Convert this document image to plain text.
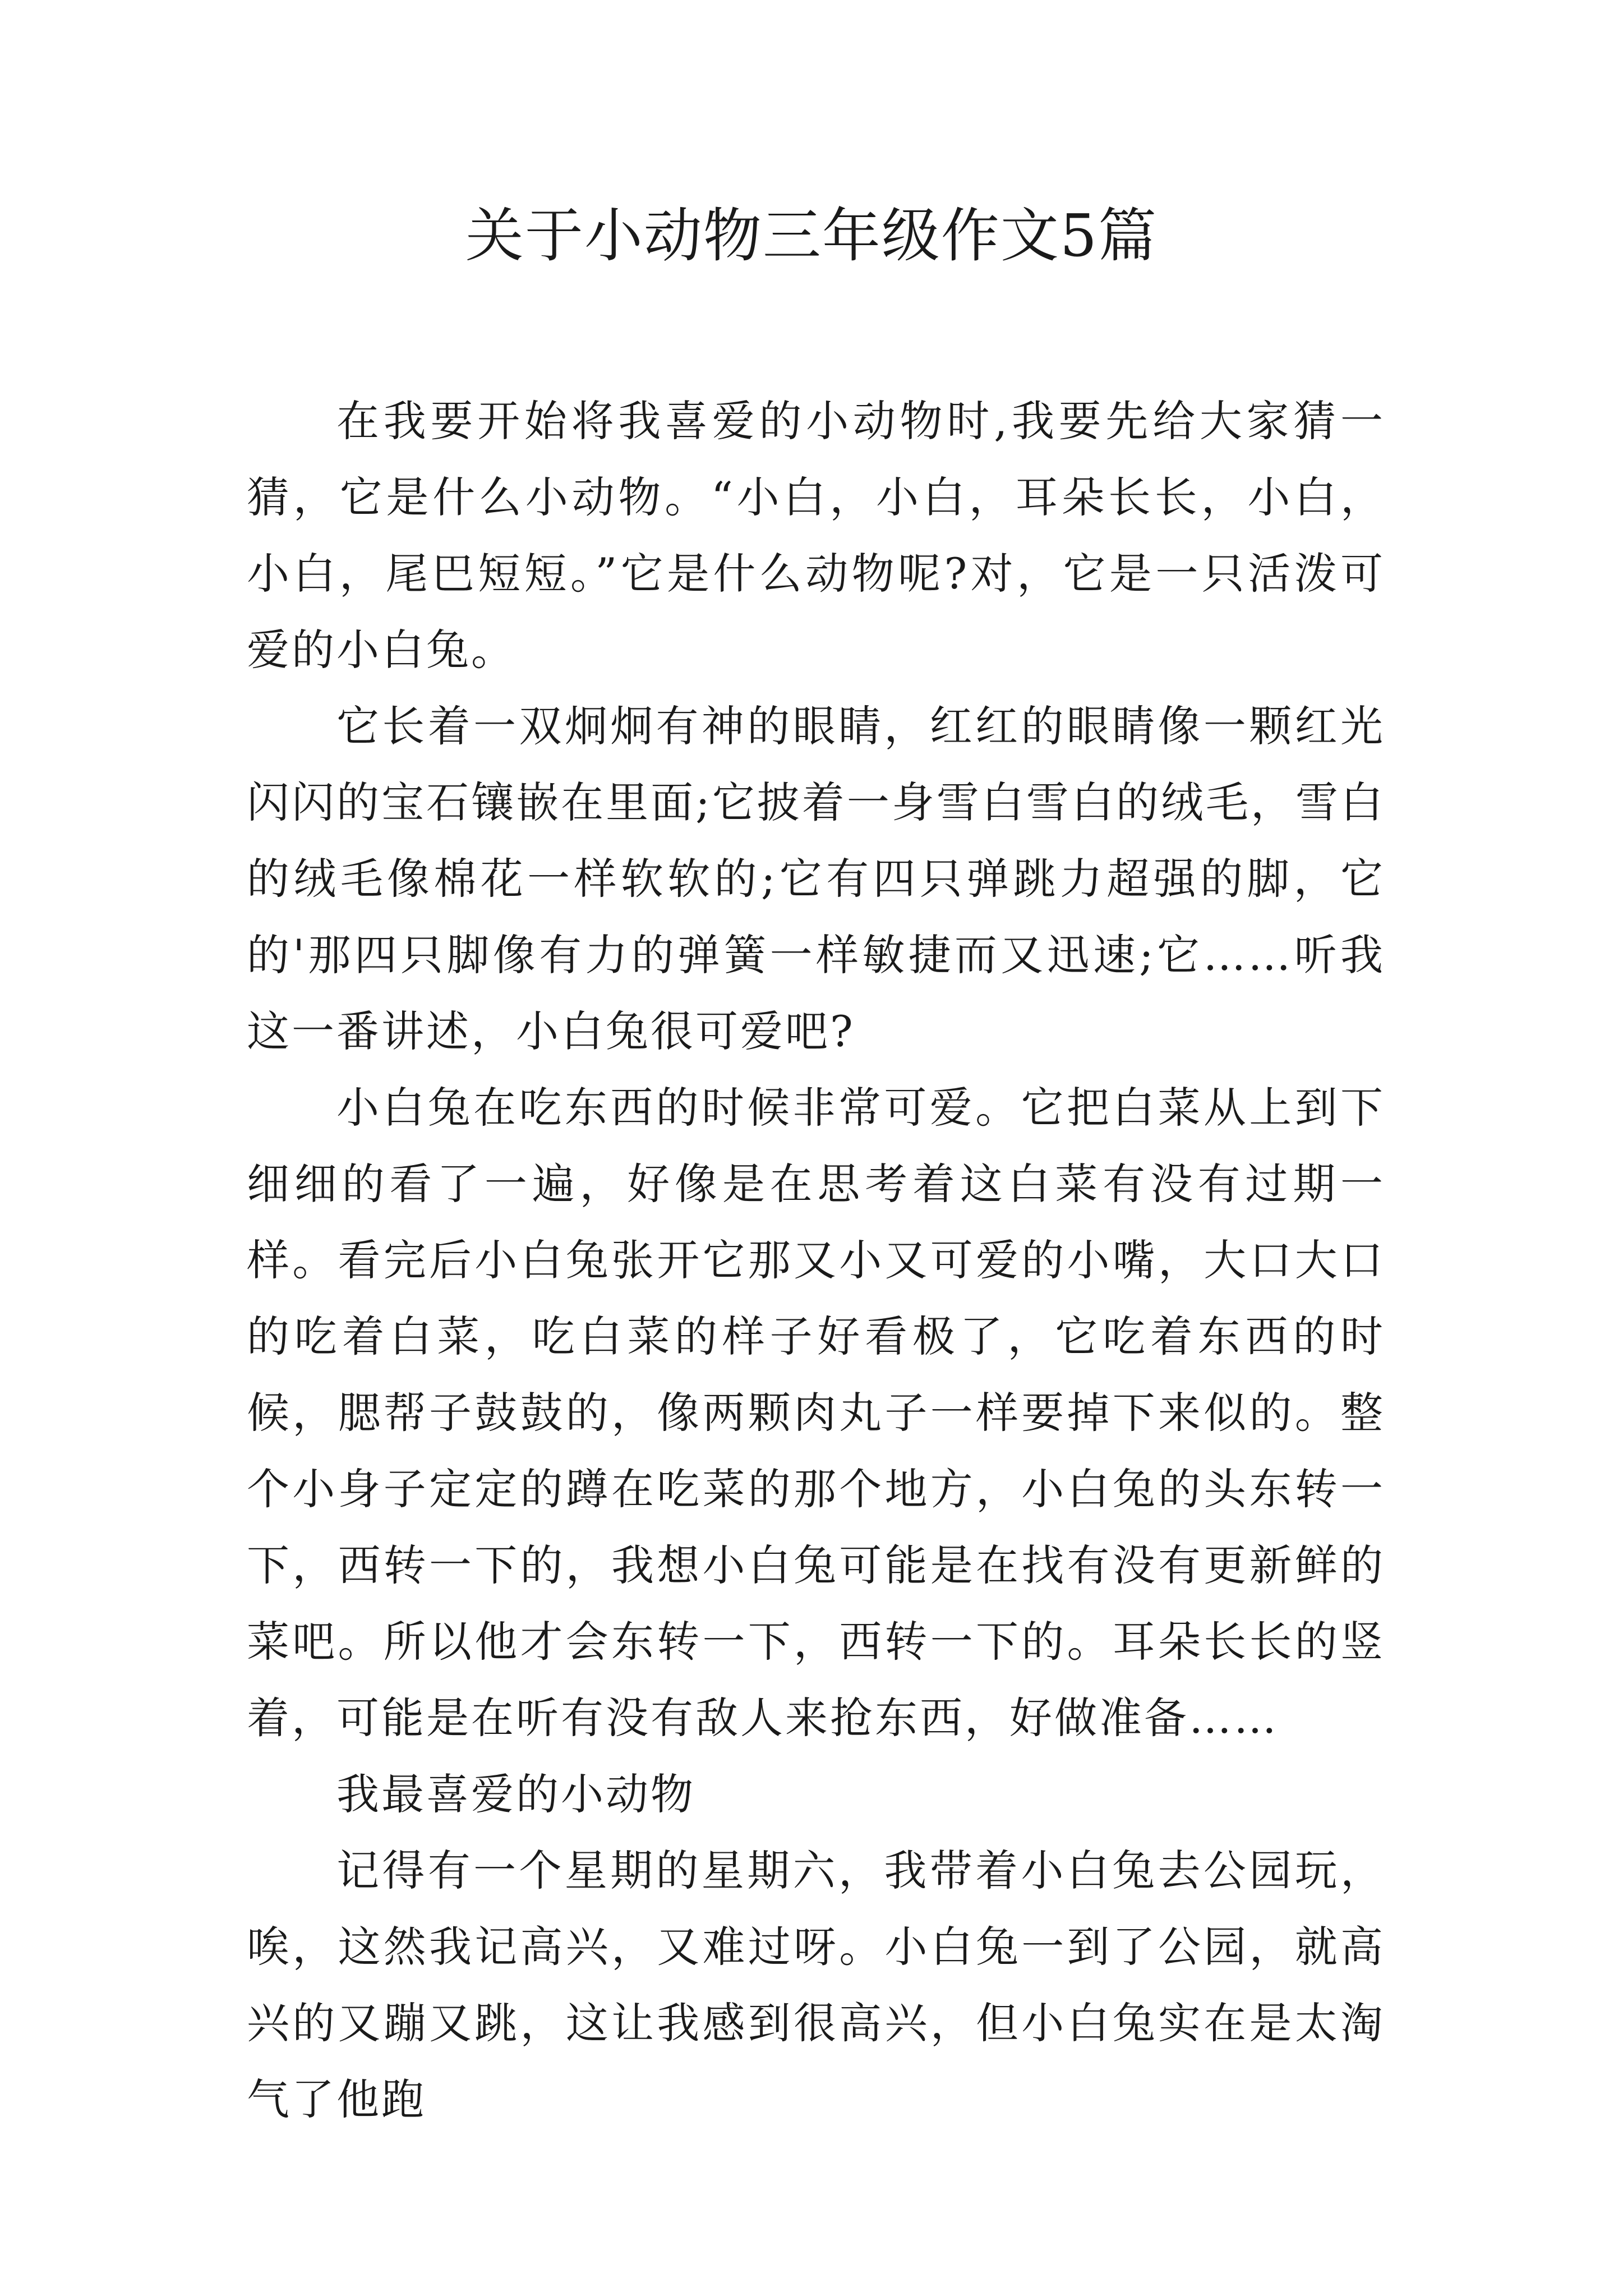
关于小动物三年级作文5篇

在我要开始将我喜爱的小动物时,我要先给大家猜一猜，它是什么小动物。“小白，小白，耳朵长长，小白，小白，尾巴短短。”它是什么动物呢?对，它是一只活泼可爱的小白兔。

它长着一双炯炯有神的眼睛，红红的眼睛像一颗红光闪闪的宝石镶嵌在里面;它披着一身雪白雪白的绒毛，雪白的绒毛像棉花一样软软的;它有四只弹跳力超强的脚，它的'那四只脚像有力的弹簧一样敏捷而又迅速;它……听我这一番讲述，小白兔很可爱吧?

小白兔在吃东西的时候非常可爱。它把白菜从上到下细细的看了一遍，好像是在思考着这白菜有没有过期一样。看完后小白兔张开它那又小又可爱的小嘴，大口大口的吃着白菜，吃白菜的样子好看极了，它吃着东西的时候，腮帮子鼓鼓的，像两颗肉丸子一样要掉下来似的。整个小身子定定的蹲在吃菜的那个地方，小白兔的头东转一下，西转一下的，我想小白兔可能是在找有没有更新鲜的菜吧。所以他才会东转一下，西转一下的。耳朵长长的竖着，可能是在听有没有敌人来抢东西，好做准备……

我最喜爱的小动物

记得有一个星期的星期六，我带着小白兔去公园玩，唉，这然我记高兴，又难过呀。小白兔一到了公园，就高兴的又蹦又跳，这让我感到很高兴，但小白兔实在是太淘气了他跑
